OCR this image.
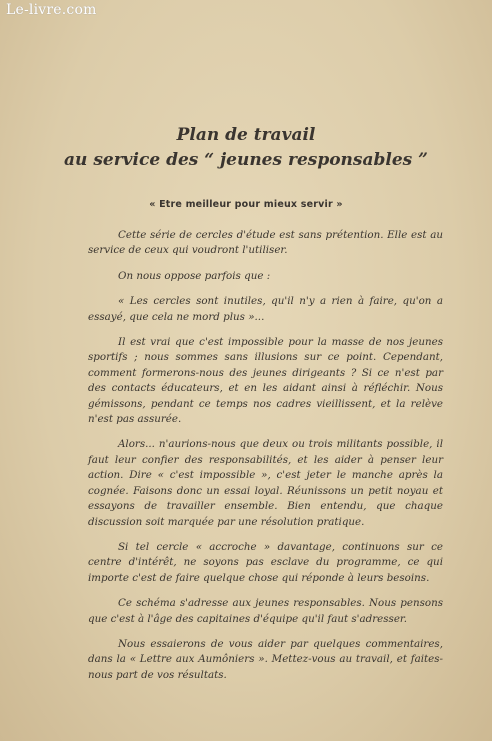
Le-livre.com
Plan de travail
au service des “ jeunes responsables ”
« Etre meilleur pour mieux servir »

Cette série de cercles d'étude est sans prétention. Elle est au service de ceux qui voudront l'utiliser.

On nous oppose parfois que :

« Les cercles sont inutiles, qu'il n'y a rien à faire, qu'on a essayé, que cela ne mord plus »...

Il est vrai que c'est impossible pour la masse de nos jeunes sportifs ; nous sommes sans illusions sur ce point. Cependant, comment formerons-nous des jeunes dirigeants ? Si ce n'est par des contacts éducateurs, et en les aidant ainsi à réfléchir. Nous gémissons, pendant ce temps nos cadres vieillissent, et la relève n'est pas assurée.

Alors... n'aurions-nous que deux ou trois militants possible, il faut leur confier des responsabilités, et les aider à penser leur action. Dire « c'est impossible », c'est jeter le manche après la cognée. Faisons donc un essai loyal. Réunissons un petit noyau et essayons de travailler ensemble. Bien entendu, que chaque discussion soit marquée par une résolution pratique.

Si tel cercle « accroche » davantage, continuons sur ce centre d'intérêt, ne soyons pas esclave du programme, ce qui importe c'est de faire quelque chose qui réponde à leurs besoins.

Ce schéma s'adresse aux jeunes responsables. Nous pensons que c'est à l'âge des capitaines d'équipe qu'il faut s'adresser.

Nous essaierons de vous aider par quelques commentaires, dans la « Lettre aux Aumôniers ». Mettez-vous au travail, et faites-nous part de vos résultats.
